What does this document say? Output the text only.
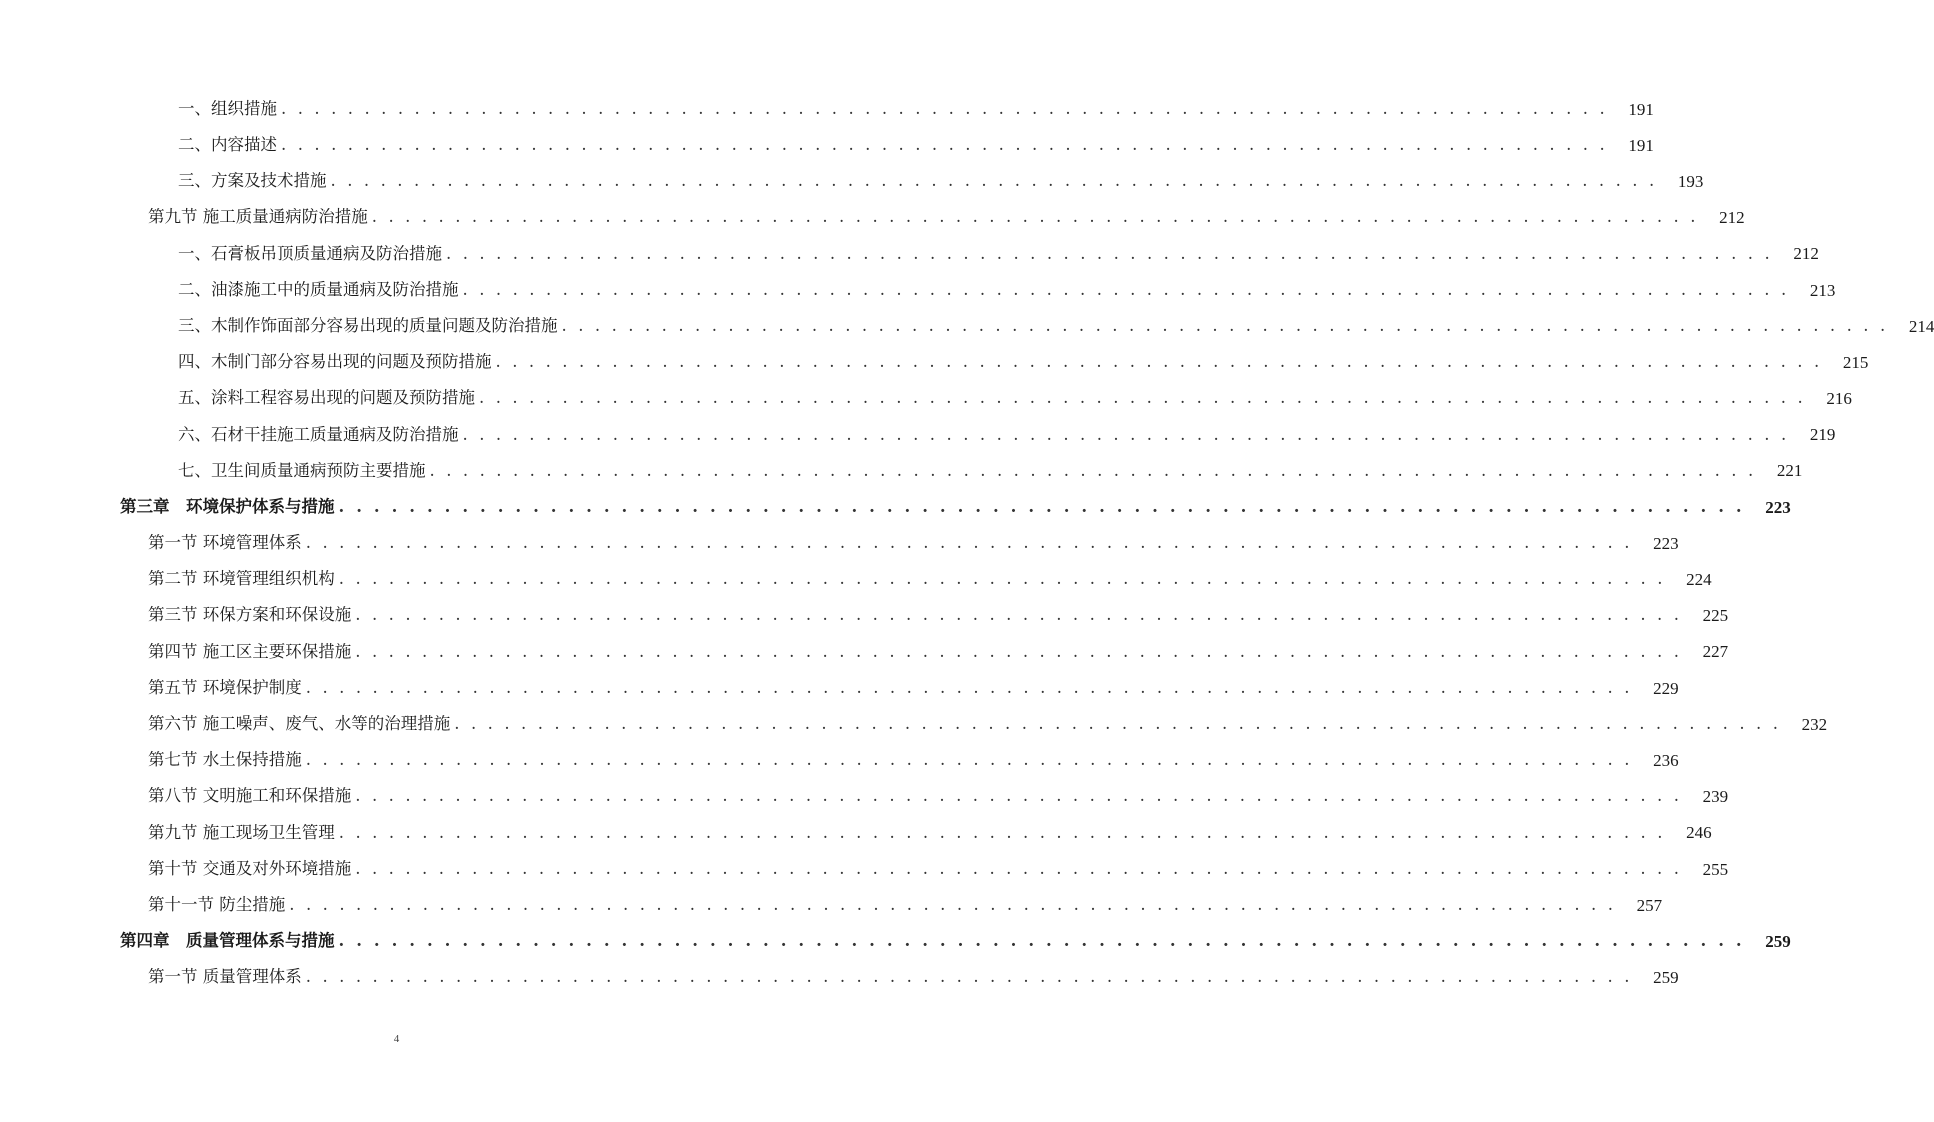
一、组织措施 . . . . . . . . . . . . . . . . . . . . . . . . . . . . . . . . . . . . . . . . . . . . . . . . . . . . . . . . . . . . . . . . . . . . . . . . . . . . . . . .	191
二、内容描述 . . . . . . . . . . . . . . . . . . . . . . . . . . . . . . . . . . . . . . . . . . . . . . . . . . . . . . . . . . . . . . . . . . . . . . . . . . . . . . . .	191
三、方案及技术措施 . . . . . . . . . . . . . . . . . . . . . . . . . . . . . . . . . . . . . . . . . . . . . . . . . . . . . . . . . . . . . . . . . . . . . . . . . . . . . . . .	193
第九节 施工质量通病防治措施 . . . . . . . . . . . . . . . . . . . . . . . . . . . . . . . . . . . . . . . . . . . . . . . . . . . . . . . . . . . . . . . . . . . . . . . . . . . . . . . .	212
一、石膏板吊顶质量通病及防治措施 . . . . . . . . . . . . . . . . . . . . . . . . . . . . . . . . . . . . . . . . . . . . . . . . . . . . . . . . . . . . . . . . . . . . . . . . . . . . . . . .	212
二、油漆施工中的质量通病及防治措施 . . . . . . . . . . . . . . . . . . . . . . . . . . . . . . . . . . . . . . . . . . . . . . . . . . . . . . . . . . . . . . . . . . . . . . . . . . . . . . . .	213
三、木制作饰面部分容易出现的质量问题及防治措施 . . . . . . . . . . . . . . . . . . . . . . . . . . . . . . . . . . . . . . . . . . . . . . . . . . . . . . . . . . . . . . . . . . . . . . . . . . . . . . . .	214
四、木制门部分容易出现的问题及预防措施 . . . . . . . . . . . . . . . . . . . . . . . . . . . . . . . . . . . . . . . . . . . . . . . . . . . . . . . . . . . . . . . . . . . . . . . . . . . . . . . .	215
五、涂料工程容易出现的问题及预防措施 . . . . . . . . . . . . . . . . . . . . . . . . . . . . . . . . . . . . . . . . . . . . . . . . . . . . . . . . . . . . . . . . . . . . . . . . . . . . . . . .	216
六、石材干挂施工质量通病及防治措施 . . . . . . . . . . . . . . . . . . . . . . . . . . . . . . . . . . . . . . . . . . . . . . . . . . . . . . . . . . . . . . . . . . . . . . . . . . . . . . . .	219
七、卫生间质量通病预防主要措施 . . . . . . . . . . . . . . . . . . . . . . . . . . . . . . . . . . . . . . . . . . . . . . . . . . . . . . . . . . . . . . . . . . . . . . . . . . . . . . . .	221
第三章　环境保护体系与措施 . . . . . . . . . . . . . . . . . . . . . . . . . . . . . . . . . . . . . . . . . . . . . . . . . . . . . . . . . . . . . . . . . . . . . . . . . . . . . . . .	223
第一节 环境管理体系 . . . . . . . . . . . . . . . . . . . . . . . . . . . . . . . . . . . . . . . . . . . . . . . . . . . . . . . . . . . . . . . . . . . . . . . . . . . . . . . .	223
第二节 环境管理组织机构 . . . . . . . . . . . . . . . . . . . . . . . . . . . . . . . . . . . . . . . . . . . . . . . . . . . . . . . . . . . . . . . . . . . . . . . . . . . . . . . .	224
第三节 环保方案和环保设施 . . . . . . . . . . . . . . . . . . . . . . . . . . . . . . . . . . . . . . . . . . . . . . . . . . . . . . . . . . . . . . . . . . . . . . . . . . . . . . . .	225
第四节 施工区主要环保措施 . . . . . . . . . . . . . . . . . . . . . . . . . . . . . . . . . . . . . . . . . . . . . . . . . . . . . . . . . . . . . . . . . . . . . . . . . . . . . . . .	227
第五节 环境保护制度 . . . . . . . . . . . . . . . . . . . . . . . . . . . . . . . . . . . . . . . . . . . . . . . . . . . . . . . . . . . . . . . . . . . . . . . . . . . . . . . .	229
第六节 施工噪声、废气、水等的治理措施 . . . . . . . . . . . . . . . . . . . . . . . . . . . . . . . . . . . . . . . . . . . . . . . . . . . . . . . . . . . . . . . . . . . . . . . . . . . . . . . .	232
第七节 水土保持措施 . . . . . . . . . . . . . . . . . . . . . . . . . . . . . . . . . . . . . . . . . . . . . . . . . . . . . . . . . . . . . . . . . . . . . . . . . . . . . . . .	236
第八节 文明施工和环保措施 . . . . . . . . . . . . . . . . . . . . . . . . . . . . . . . . . . . . . . . . . . . . . . . . . . . . . . . . . . . . . . . . . . . . . . . . . . . . . . . .	239
第九节 施工现场卫生管理 . . . . . . . . . . . . . . . . . . . . . . . . . . . . . . . . . . . . . . . . . . . . . . . . . . . . . . . . . . . . . . . . . . . . . . . . . . . . . . . .	246
第十节 交通及对外环境措施 . . . . . . . . . . . . . . . . . . . . . . . . . . . . . . . . . . . . . . . . . . . . . . . . . . . . . . . . . . . . . . . . . . . . . . . . . . . . . . . .	255
第十一节 防尘措施 . . . . . . . . . . . . . . . . . . . . . . . . . . . . . . . . . . . . . . . . . . . . . . . . . . . . . . . . . . . . . . . . . . . . . . . . . . . . . . . .	257
第四章　质量管理体系与措施 . . . . . . . . . . . . . . . . . . . . . . . . . . . . . . . . . . . . . . . . . . . . . . . . . . . . . . . . . . . . . . . . . . . . . . . . . . . . . . . .	259
第一节 质量管理体系 . . . . . . . . . . . . . . . . . . . . . . . . . . . . . . . . . . . . . . . . . . . . . . . . . . . . . . . . . . . . . . . . . . . . . . . . . . . . . . . .	259
4
